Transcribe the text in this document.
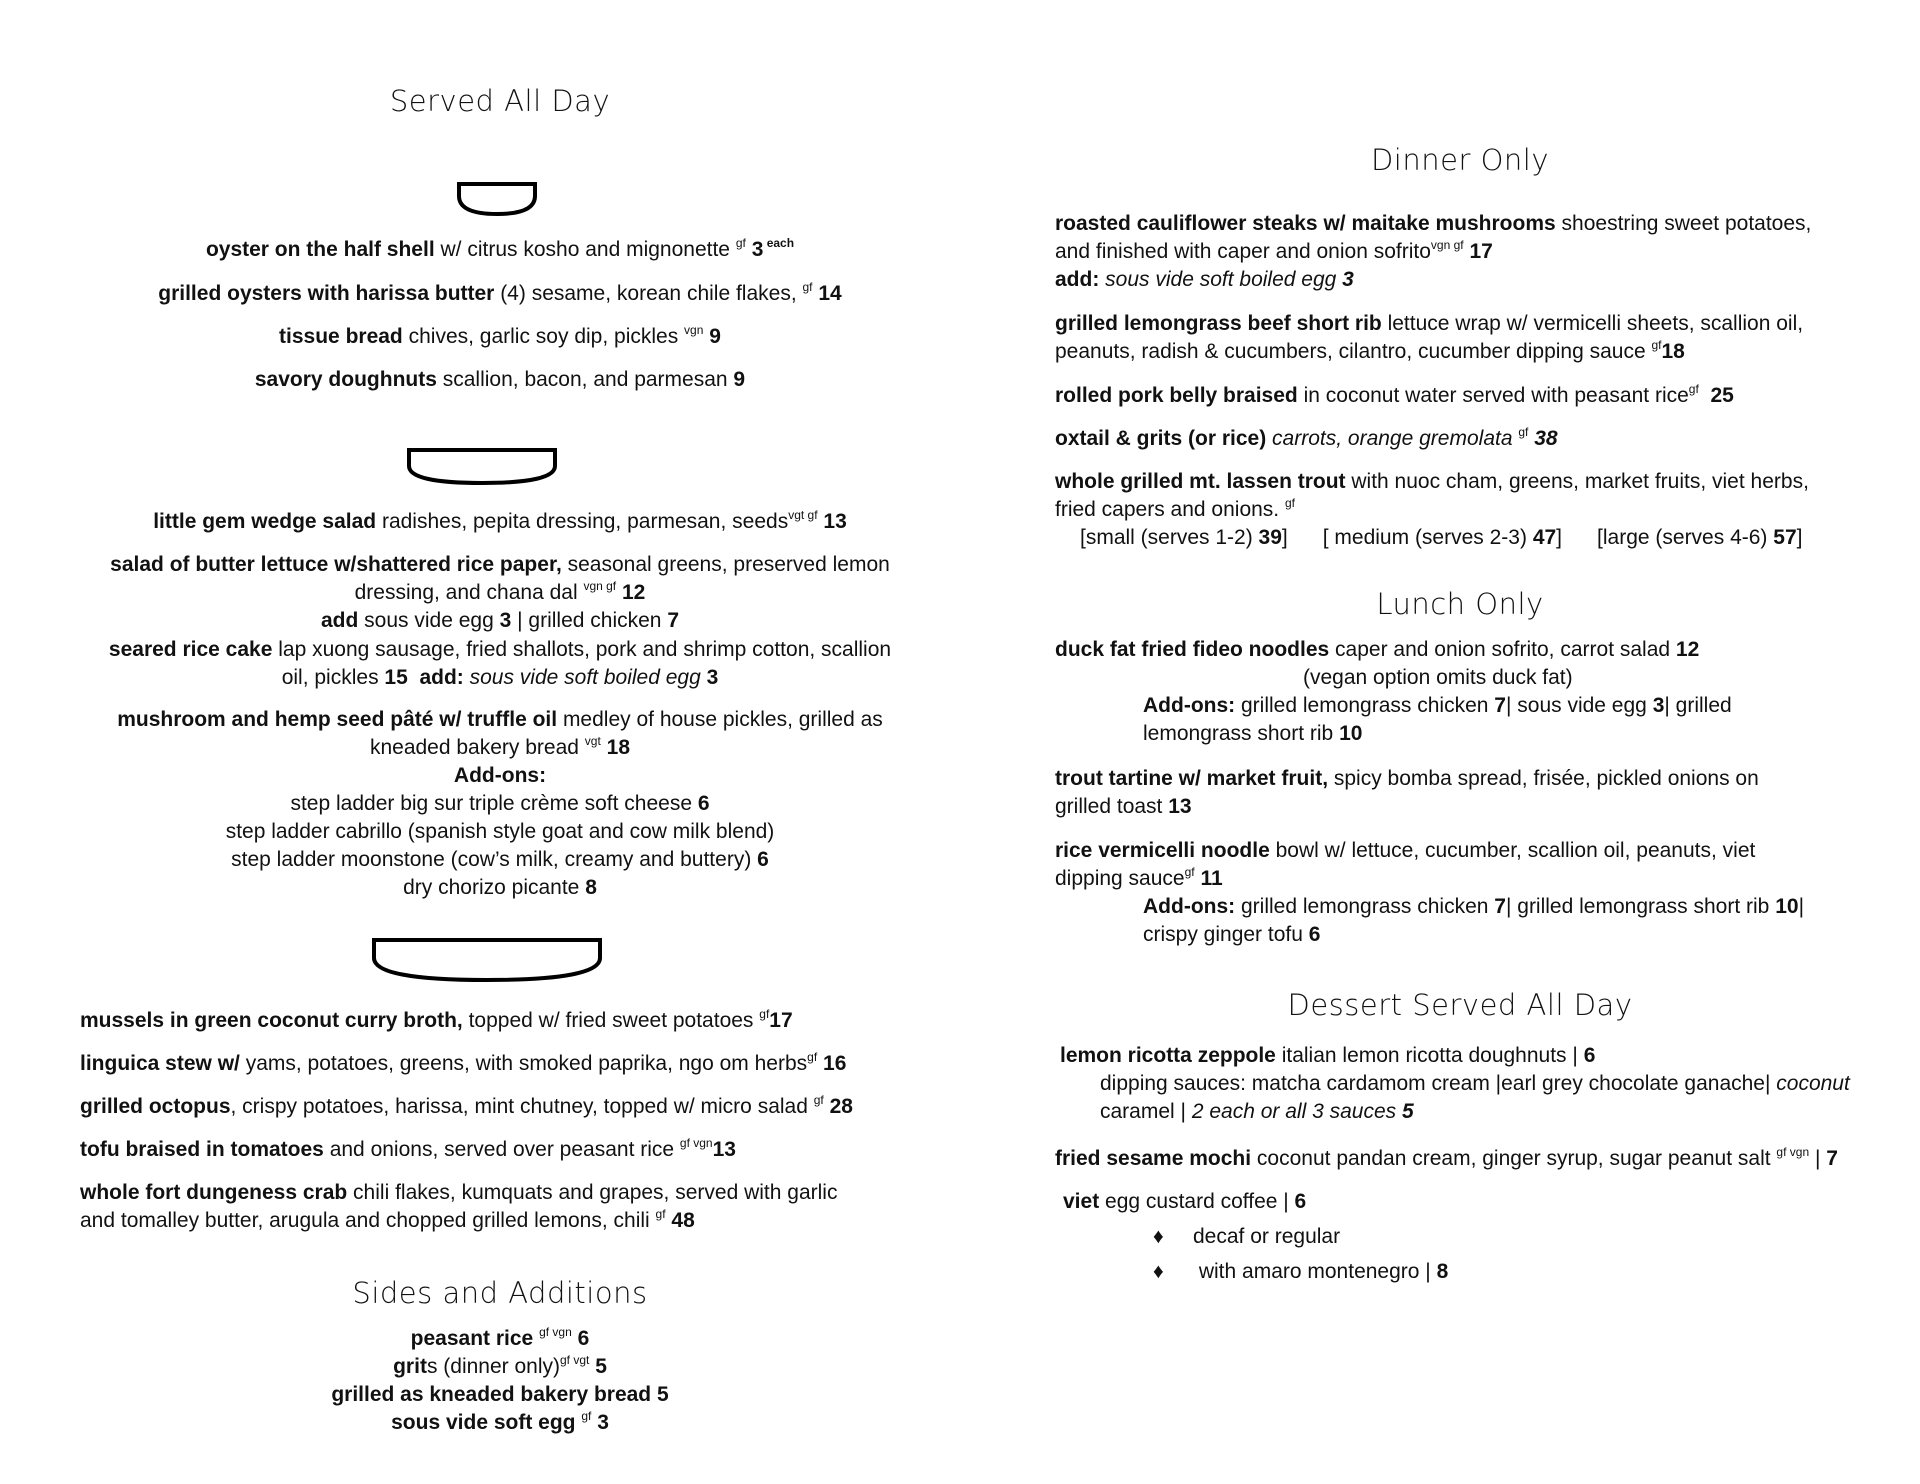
Served All Day
oyster on the half shell w/ citrus kosho and mignonette $^{gf}$ 3 $^{each}$
grilled oysters with harissa butter (4) sesame, korean chile flakes, $^{gf}$ 14
tissue bread chives, garlic soy dip, pickles $^{vgn}$ 9
savory doughnuts scallion, bacon, and parmesan 9
little gem wedge salad radishes, pepita dressing, parmesan, seeds$^{vgt gf}$ 13
salad of butter lettuce w/shattered rice paper, seasonal greens, preserved lemon
dressing, and chana dal $^{vgn gf}$ 12
add sous vide egg 3 | grilled chicken 7
seared rice cake lap xuong sausage, fried shallots, pork and shrimp cotton, scallion
oil, pickles 15 add: sous vide soft boiled egg 3
mushroom and hemp seed pâté w/ truffle oil medley of house pickles, grilled as
kneaded bakery bread $^{vgt}$ 18
Add-ons:
step ladder big sur triple crème soft cheese 6
step ladder cabrillo (spanish style goat and cow milk blend)
step ladder moonstone (cow’s milk, creamy and buttery) 6
dry chorizo picante 8
mussels in green coconut curry broth, topped w/ fried sweet potatoes $^{gf}$17
linguica stew w/ yams, potatoes, greens, with smoked paprika, ngo om herbs$^{gf}$ 16
grilled octopus, crispy potatoes, harissa, mint chutney, topped w/ micro salad $^{gf}$ 28
tofu braised in tomatoes and onions, served over peasant rice $^{gf vgn}$13
whole fort dungeness crab chili flakes, kumquats and grapes, served with garlic
and tomalley butter, arugula and chopped grilled lemons, chili $^{gf}$ 48
Sides and Additions
peasant rice $^{gf vgn}$ 6
grits (dinner only)$^{gf vgt}$ 5
grilled as kneaded bakery bread 5
sous vide soft egg $^{gf}$ 3
Dinner Only
roasted cauliflower steaks w/ maitake mushrooms shoestring sweet potatoes,
and finished with caper and onion sofrito$^{vgn gf}$ 17
add: sous vide soft boiled egg 3
grilled lemongrass beef short rib lettuce wrap w/ vermicelli sheets, scallion oil,
peanuts, radish & cucumbers, cilantro, cucumber dipping sauce $^{gf}$18
rolled pork belly braised in coconut water served with peasant rice$^{gf}$ 25
oxtail & grits (or rice) carrots, orange gremolata $^{gf}$ 38
whole grilled mt. lassen trout with nuoc cham, greens, market fruits, viet herbs,
fried capers and onions. $^{gf}$
[small (serves 1-2) 39] [ medium (serves 2-3) 47] [large (serves 4-6) 57]
Lunch Only
duck fat fried fideo noodles caper and onion sofrito, carrot salad 12
(vegan option omits duck fat)
Add-ons: grilled lemongrass chicken 7| sous vide egg 3| grilled
lemongrass short rib 10
trout tartine w/ market fruit, spicy bomba spread, frisée, pickled onions on
grilled toast 13
rice vermicelli noodle bowl w/ lettuce, cucumber, scallion oil, peanuts, viet
dipping sauce$^{gf}$ 11
Add-ons: grilled lemongrass chicken 7| grilled lemongrass short rib 10|
crispy ginger tofu 6
Dessert Served All Day
lemon ricotta zeppole italian lemon ricotta doughnuts | 6
dipping sauces: matcha cardamom cream |earl grey chocolate ganache| coconut
caramel | 2 each or all 3 sauces 5
fried sesame mochi coconut pandan cream, ginger syrup, sugar peanut salt $^{gf vgn}$ | 7
viet egg custard coffee | 6
♦ decaf or regular
♦ with amaro montenegro | 8
